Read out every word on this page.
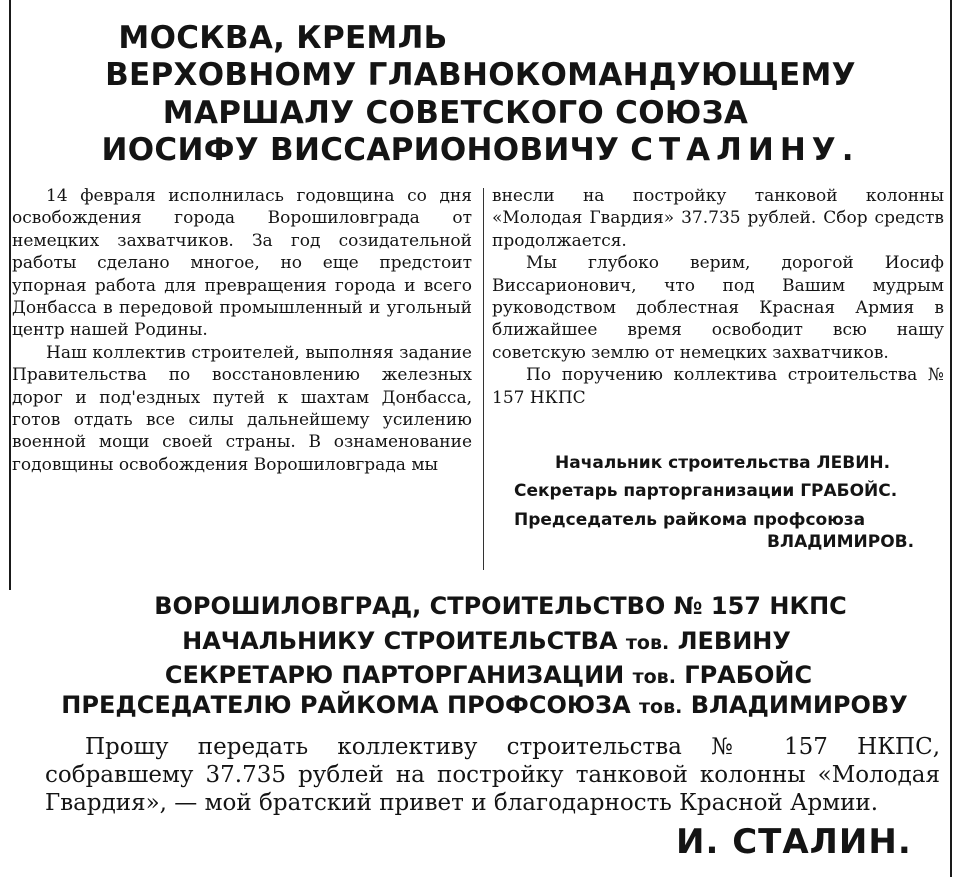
МОСКВА, КРЕМЛЬ
ВЕРХОВНОМУ ГЛАВНОКОМАНДУЮЩЕМУ
МАРШАЛУ СОВЕТСКОГО СОЮЗА
ИОСИФУ ВИССАРИОНОВИЧУ СТАЛИНУ.

14 февраля исполнилась годовщина со дня освобождения города Ворошиловграда от немецких захватчиков. За год созидательной работы сделано многое, но еще предстоит упорная работа для превращения города и всего Донбасса в передовой промышленный и угольный центр нашей Родины.

Наш коллектив строителей, выполняя задание Правительства по восстановлению железных дорог и под'ездных путей к шахтам Донбасса, готов отдать все силы дальнейшему усилению военной мощи своей страны. В ознаменование годовщины освобождения Ворошиловграда мы

внесли на постройку танковой колонны «Молодая Гвардия» 37.735 рублей. Сбор средств продолжается.

Мы глубоко верим, дорогой Иосиф Виссарионович, что под Вашим мудрым руководством доблестная Красная Армия в ближайшее время освободит всю нашу советскую землю от немецких захватчиков.

По поручению коллектива строительства № 157 НКПС

Начальник строительства ЛЕВИН.
Секретарь парторганизации ГРАБОЙС.
Председатель райкома профсоюза
ВЛАДИМИРОВ.
ВОРОШИЛОВГРАД, СТРОИТЕЛЬСТВО № 157 НКПС
НАЧАЛЬНИКУ СТРОИТЕЛЬСТВА тов. ЛЕВИНУ
СЕКРЕТАРЮ ПАРТОРГАНИЗАЦИИ тов. ГРАБОЙС
ПРЕДСЕДАТЕЛЮ РАЙКОМА ПРОФСОЮЗА тов. ВЛАДИМИРОВУ

Прошу передать коллективу строительства № 157 НКПС, собравшему 37.735 рублей на постройку танковой колонны «Молодая Гвардия», — мой братский привет и благодарность Красной Армии.

И. СТАЛИН.
